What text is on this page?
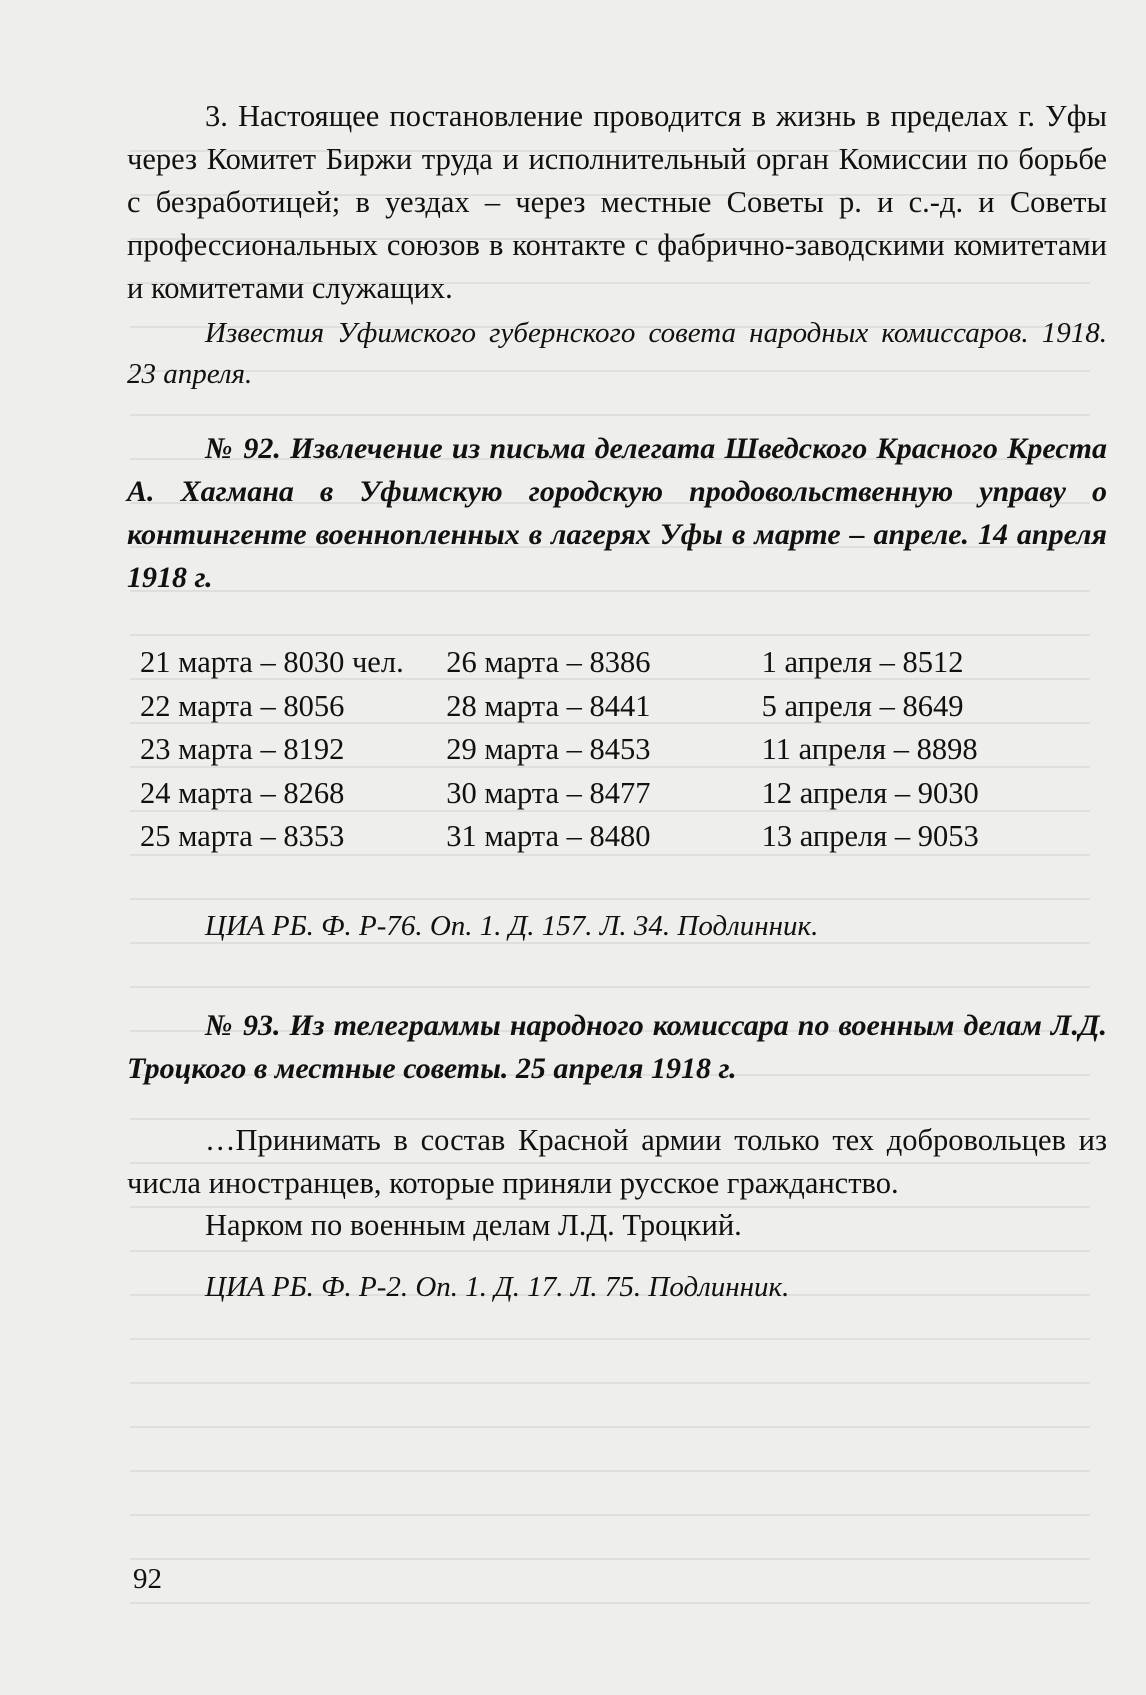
3. Настоящее постановление проводится в жизнь в пределах г. Уфы через Комитет Биржи труда и исполнительный орган Комиссии по борьбе с безработицей; в уездах – через местные Советы р. и с.-д. и Советы профессиональных союзов в контакте с фабрично-заводскими комитетами и комитетами служащих.
Известия Уфимского губернского совета народных комиссаров. 1918. 23 апреля.
№ 92. Извлечение из письма делегата Шведского Красного Креста А. Хагмана в Уфимскую городскую продовольственную управу о контингенте военнопленных в лагерях Уфы в марте – апреле. 14 апреля 1918 г.
21 марта – 8030 чел.	26 марта – 8386	1 апреля – 8512
22 марта – 8056	28 марта – 8441	5 апреля – 8649
23 марта – 8192	29 марта – 8453	11 апреля – 8898
24 марта – 8268	30 марта – 8477	12 апреля – 9030
25 марта – 8353	31 марта – 8480	13 апреля – 9053
ЦИА РБ. Ф. Р-76. Оп. 1. Д. 157. Л. 34. Подлинник.
№ 93. Из телеграммы народного комиссара по военным делам Л.Д. Троцкого в местные советы. 25 апреля 1918 г.
…Принимать в состав Красной армии только тех добровольцев из числа иностранцев, которые приняли русское гражданство.
Нарком по военным делам Л.Д. Троцкий.
ЦИА РБ. Ф. Р-2. Оп. 1. Д. 17. Л. 75. Подлинник.
92
